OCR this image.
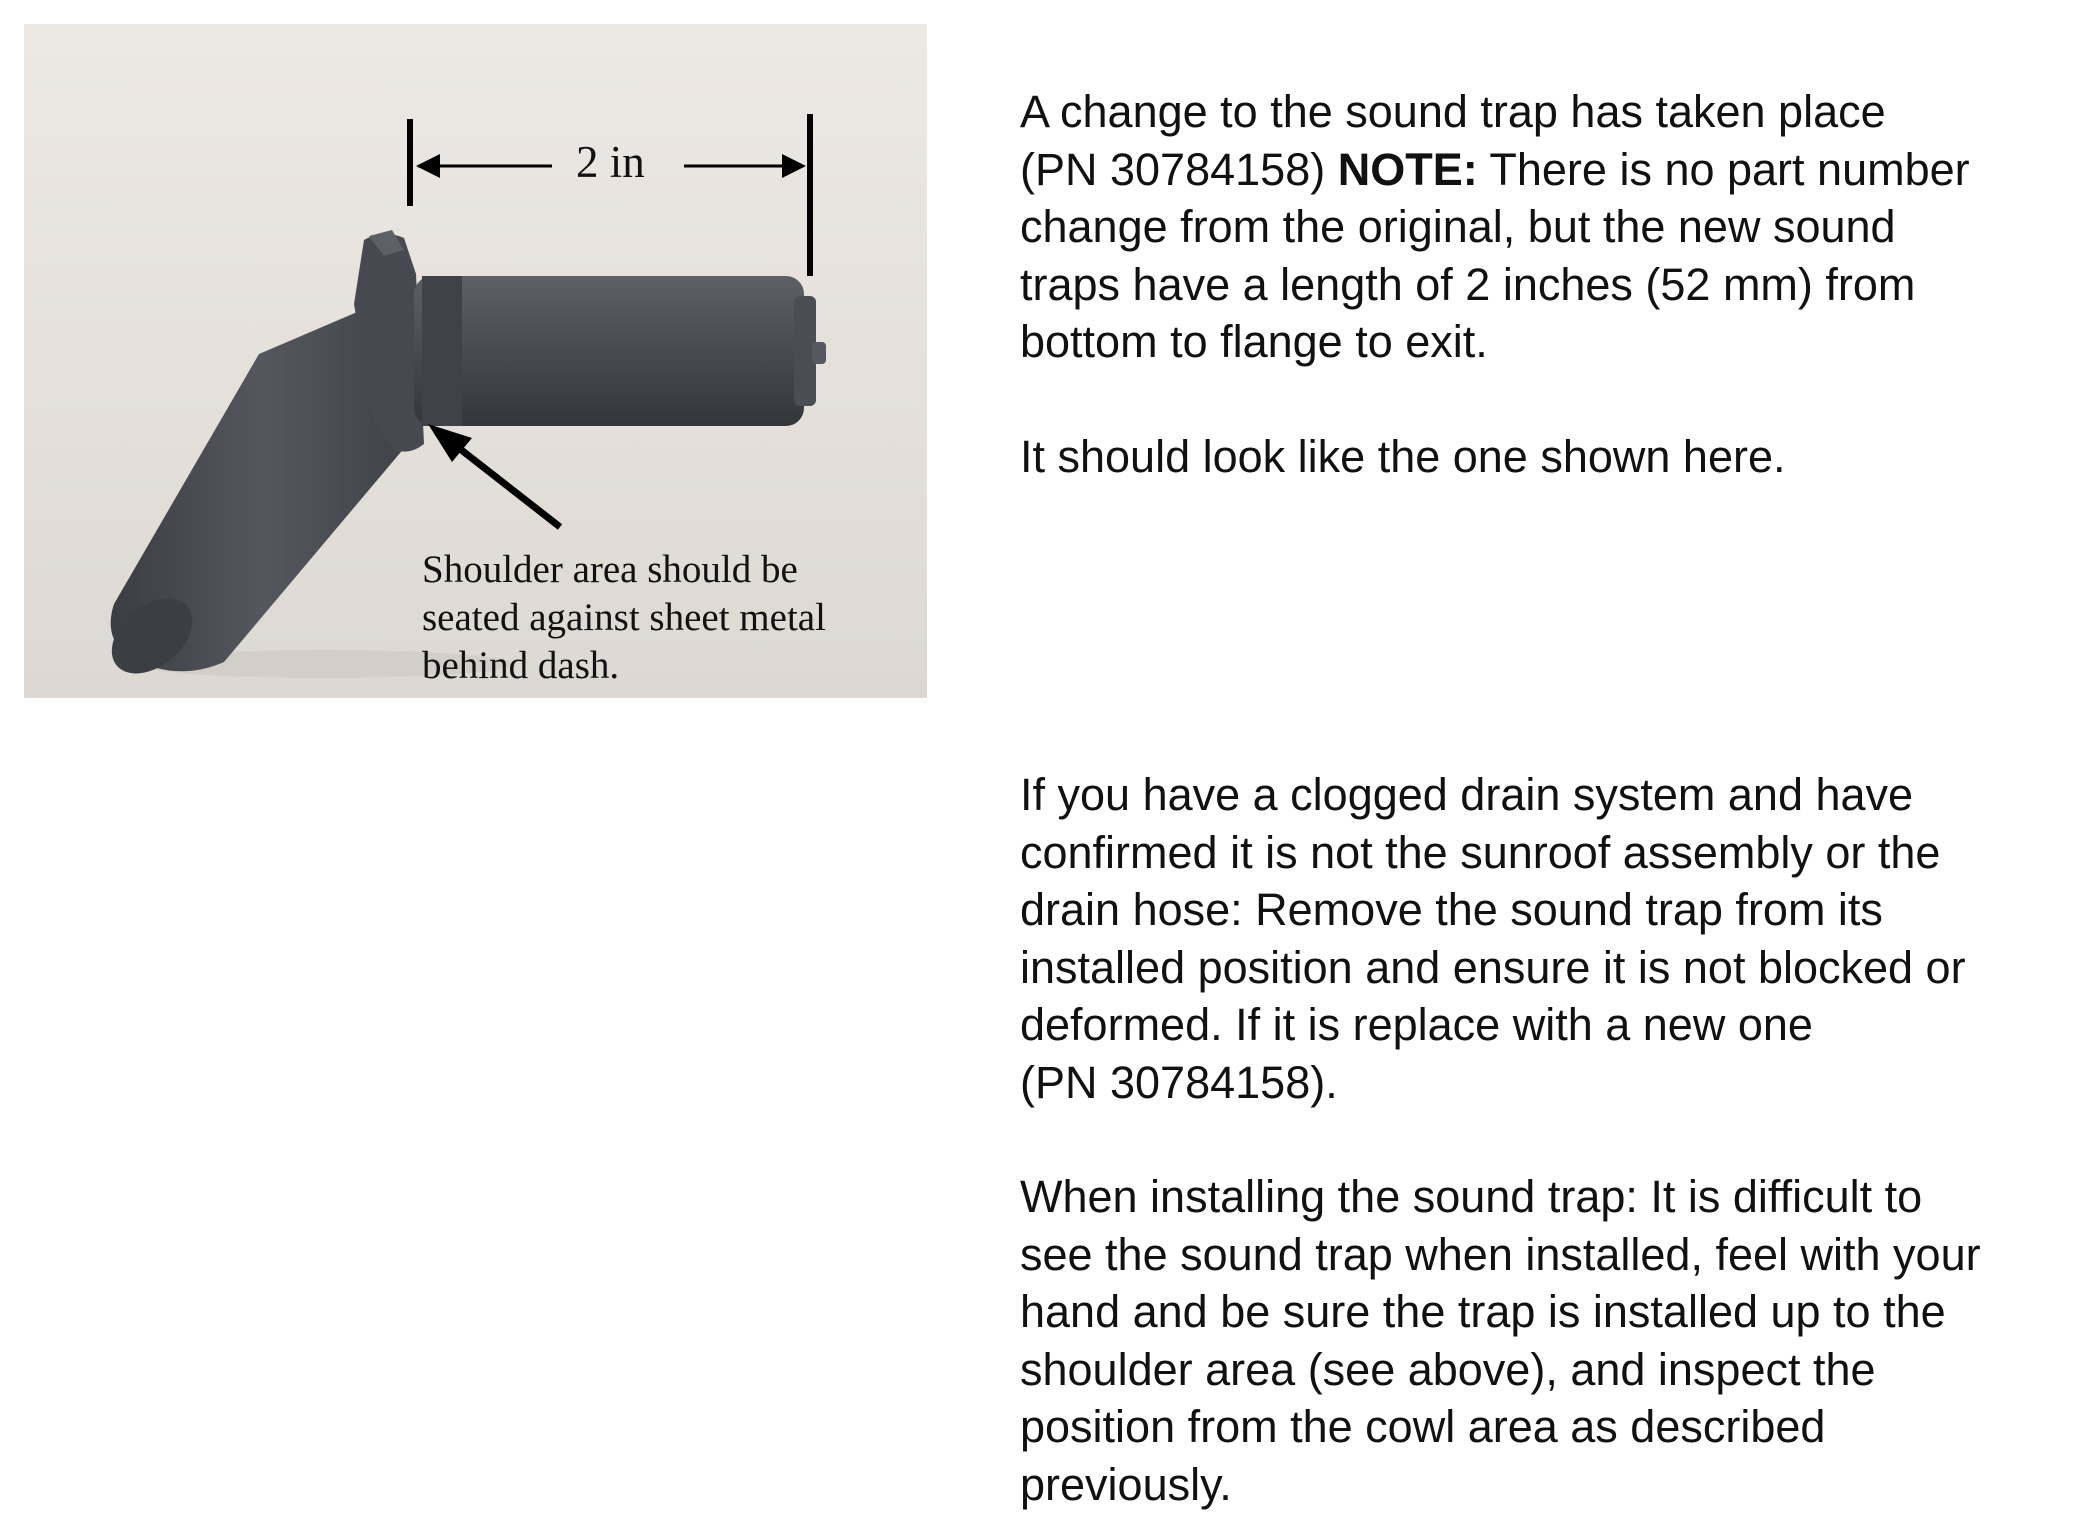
2 in
Shoulder area should be
seated against sheet metal
behind dash.
A change to the sound trap has taken place
(PN 30784158) NOTE: There is no part number
change from the original, but the new sound
traps have a length of 2 inches (52 mm) from
bottom to flange to exit.
It should look like the one shown here.
If you have a clogged drain system and have
confirmed it is not the sunroof assembly or the
drain hose: Remove the sound trap from its
installed position and ensure it is not blocked or
deformed. If it is replace with a new one
(PN 30784158).
When installing the sound trap: It is difficult to
see the sound trap when installed, feel with your
hand and be sure the trap is installed up to the
shoulder area (see above), and inspect the
position from the cowl area as described
previously.
